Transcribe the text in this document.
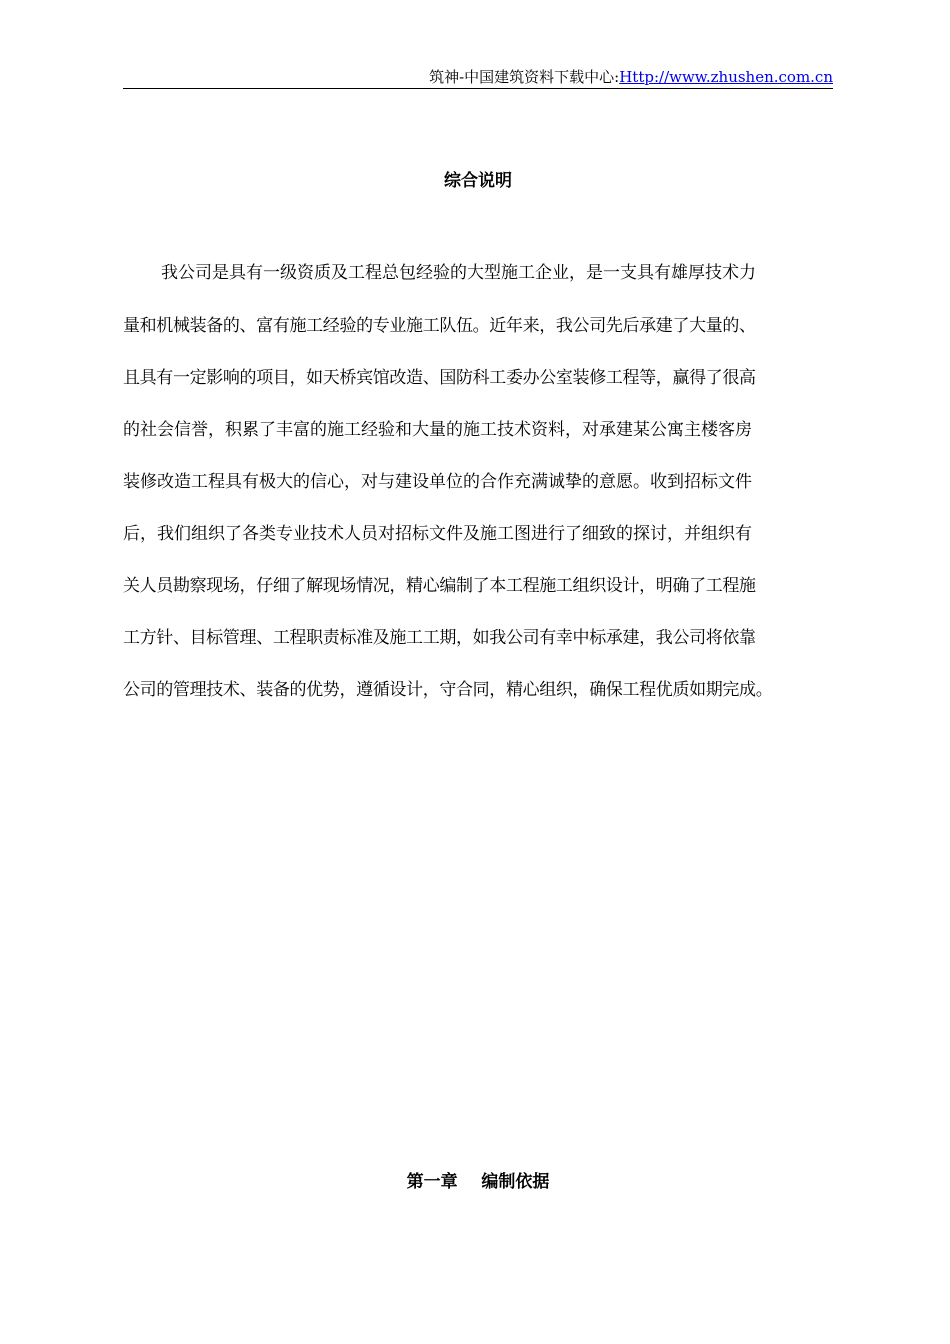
筑神-中国建筑资料下载中心:Http://www.zhushen.com.cn
综合说明
我公司是具有一级资质及工程总包经验的大型施工企业，是一支具有雄厚技术力
量和机械装备的、富有施工经验的专业施工队伍。近年来，我公司先后承建了大量的、
且具有一定影响的项目，如天桥宾馆改造、国防科工委办公室装修工程等，赢得了很高
的社会信誉，积累了丰富的施工经验和大量的施工技术资料，对承建某公寓主楼客房
装修改造工程具有极大的信心，对与建设单位的合作充满诚挚的意愿。收到招标文件
后，我们组织了各类专业技术人员对招标文件及施工图进行了细致的探讨，并组织有
关人员勘察现场，仔细了解现场情况，精心编制了本工程施工组织设计，明确了工程施
工方针、目标管理、工程职责标准及施工工期，如我公司有幸中标承建，我公司将依靠
公司的管理技术、装备的优势，遵循设计，守合同，精心组织，确保工程优质如期完成。
第一章    编制依据
